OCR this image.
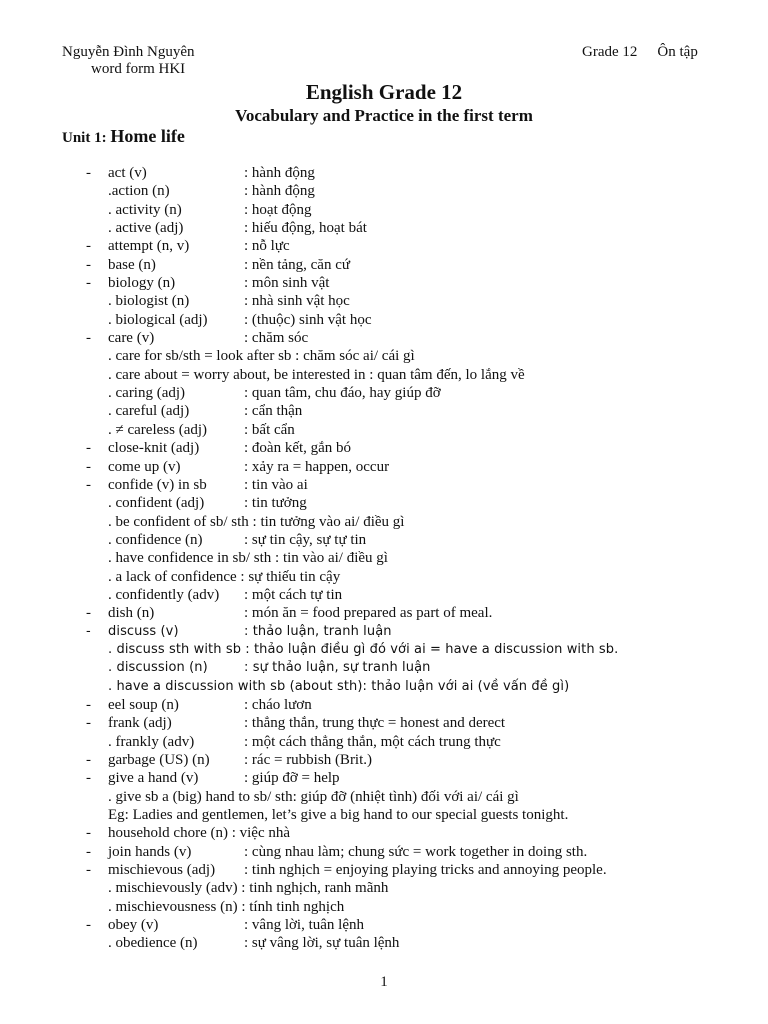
Nguyễn Đình Nguyên
word form HKI
Grade 12 Ôn tập
English Grade 12
Vocabulary and Practice in the first term
Unit 1: Home life
- act (v)	: hành động
.action (n)	: hành động
. activity (n)	: hoạt động
. active (adj)	: hiếu động, hoạt bát
- attempt (n, v)	: nỗ lực
- base (n)	: nền tảng, căn cứ
- biology (n)	: môn sinh vật
. biologist (n)	: nhà sinh vật học
. biological (adj) : (thuộc) sinh vật học
- care (v)	: chăm sóc
. care for sb/sth = look after sb : chăm sóc ai/ cái gì
. care about = worry about, be interested in : quan tâm đến, lo lắng về
. caring (adj)	: quan tâm, chu đáo, hay giúp đỡ
. careful (adj)	: cẩn thận
. ≠ careless (adj) : bất cẩn
- close-knit (adj)	: đoàn kết, gắn bó
- come up (v)	: xảy ra = happen, occur
- confide (v) in sb : tin vào ai
. confident (adj)	: tin tưởng
. be confident of sb/ sth : tin tưởng vào ai/ điều gì
. confidence (n)	: sự tin cậy, sự tự tin
. have confidence in sb/ sth : tin vào ai/ điều gì
. a lack of confidence : sự thiếu tin cậy
. confidently (adv) : một cách tự tin
- dish (n)	: món ăn = food prepared as part of meal.
- discuss (v)	: thảo luận, tranh luận
. discuss sth with sb : thảo luận điều gì đó với ai = have a discussion with sb.
. discussion (n)	: sự thảo luận, sự tranh luận
. have a discussion with sb (about sth): thảo luận với ai (về vấn đề gì)
- eel soup (n)	: cháo lươn
- frank (adj)	: thẳng thắn, trung thực = honest and derect
. frankly (adv)	: một cách thẳng thắn, một cách trung thực
- garbage (US) (n) : rác = rubbish (Brit.)
- give a hand (v)	: giúp đỡ = help
. give sb a (big) hand to sb/ sth: giúp đỡ (nhiệt tình) đối với ai/ cái gì
Eg: Ladies and gentlemen, let’s give a big hand to our special guests tonight.
- household chore (n) : việc nhà
- join hands (v)	: cùng nhau làm; chung sức = work together in doing sth.
- mischievous (adj) : tinh nghịch = enjoying playing tricks and annoying people.
. mischievously (adv) : tinh nghịch, ranh mãnh
. mischievousness (n) : tính tinh nghịch
- obey (v)	: vâng lời, tuân lệnh
. obedience (n)	: sự vâng lời, sự tuân lệnh
1
